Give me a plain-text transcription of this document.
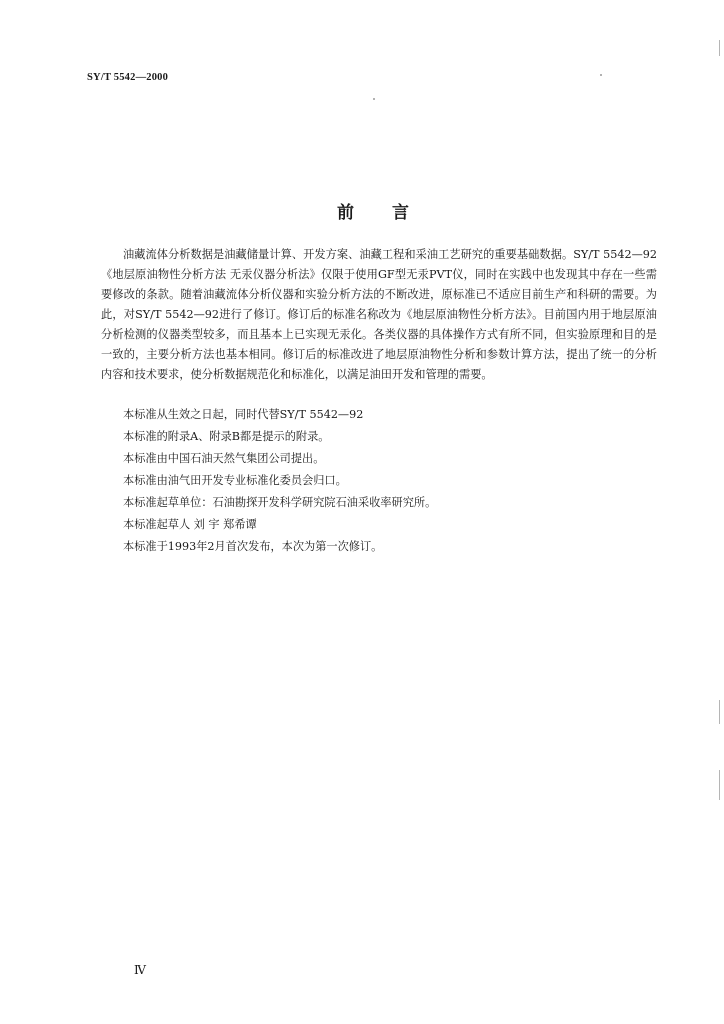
SY/T 5542—2000
前 言

油藏流体分析数据是油藏储量计算、开发方案、油藏工程和采油工艺研究的重要基础数据。SY/T 5542—92《地层原油物性分析方法 无汞仪器分析法》仅限于使用GF型无汞PVT仪，同时在实践中也发现其中存在一些需要修改的条款。随着油藏流体分析仪器和实验分析方法的不断改进，原标准已不适应目前生产和科研的需要。为此，对SY/T 5542—92进行了修订。修订后的标准名称改为《地层原油物性分析方法》。目前国内用于地层原油分析检测的仪器类型较多，而且基本上已实现无汞化。各类仪器的具体操作方式有所不同，但实验原理和目的是一致的，主要分析方法也基本相同。修订后的标准改进了地层原油物性分析和参数计算方法，提出了统一的分析内容和技术要求，使分析数据规范化和标准化，以满足油田开发和管理的需要。

本标准从生效之日起，同时代替SY/T 5542—92
本标准的附录A、附录B都是提示的附录。
本标准由中国石油天然气集团公司提出。
本标准由油气田开发专业标准化委员会归口。
本标准起草单位：石油勘探开发科学研究院石油采收率研究所。
本标准起草人 刘 宇 郑希谭
本标准于1993年2月首次发布，本次为第一次修订。
Ⅳ
